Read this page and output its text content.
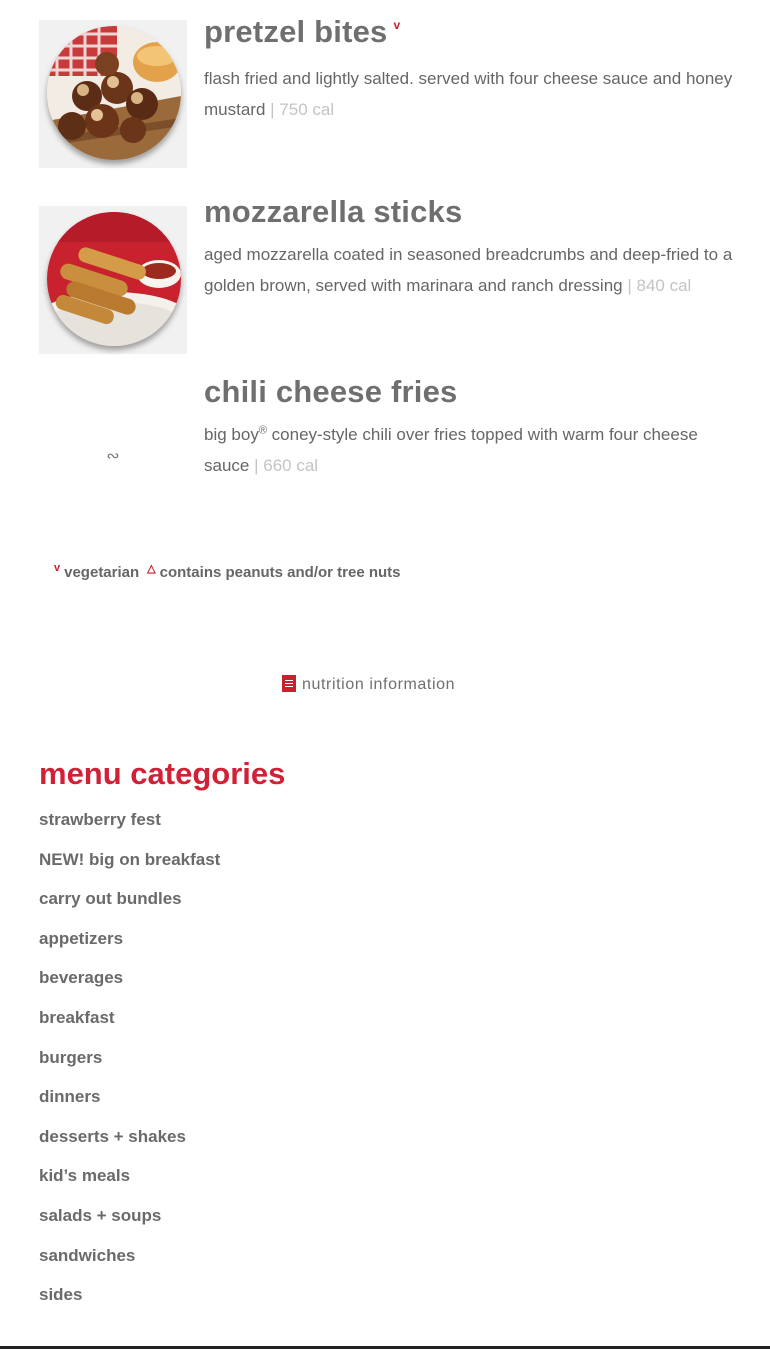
pretzel bites $^v$
flash fried and lightly salted. served with four cheese sauce and honey mustard | 750 cal
mozzarella sticks
aged mozzarella coated in seasoned breadcrumbs and deep-fried to a golden brown, served with marinara and ranch dressing | 840 cal
∾
chili cheese fries
big boy® coney-style chili over fries topped with warm four cheese sauce | 660 cal
$^v$ vegetarian △ contains peanuts and/or tree nuts
nutrition information
menu categories
strawberry fest
NEW! big on breakfast
carry out bundles
appetizers
beverages
breakfast
burgers
dinners
desserts + shakes
kid’s meals
salads + soups
sandwiches
sides
